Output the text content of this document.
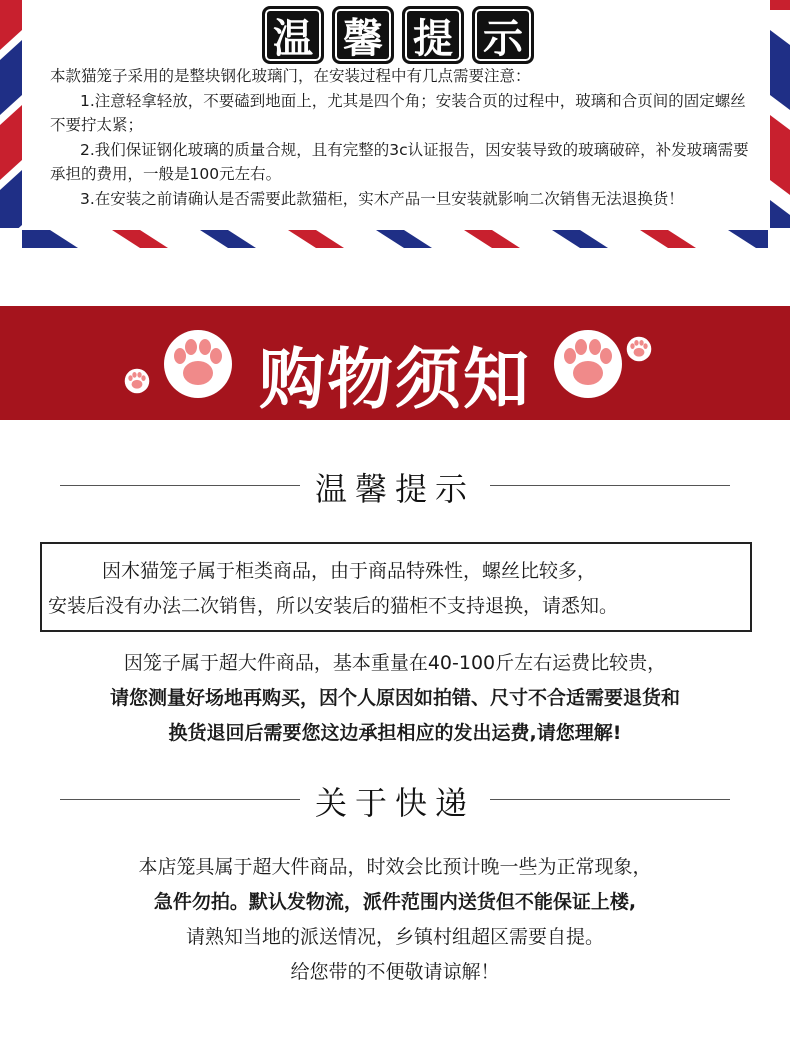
温 馨 提 示

本款猫笼子采用的是整块钢化玻璃门，在安装过程中有几点需要注意：

1.注意轻拿轻放，不要磕到地面上，尤其是四个角；安装合页的过程中，玻璃和合页间的固定螺丝不要拧太紧；

2.我们保证钢化玻璃的质量合规，且有完整的3c认证报告，因安装导致的玻璃破碎，补发玻璃需要承担的费用，一般是100元左右。

3.在安装之前请确认是否需要此款猫柜，实木产品一旦安装就影响二次销售无法退换货！

购物须知
温馨提示

因木猫笼子属于柜类商品，由于商品特殊性，螺丝比较多，

安装后没有办法二次销售，所以安装后的猫柜不支持退换，请悉知。

因笼子属于超大件商品，基本重量在40-100斤左右运费比较贵，

请您测量好场地再购买，因个人原因如拍错、尺寸不合适需要退货和

换货退回后需要您这边承担相应的发出运费,请您理解!

关于快递

本店笼具属于超大件商品，时效会比预计晚一些为正常现象，

急件勿拍。默认发物流，派件范围内送货但不能保证上楼,

请熟知当地的派送情况，乡镇村组超区需要自提。

给您带的不便敬请谅解！
